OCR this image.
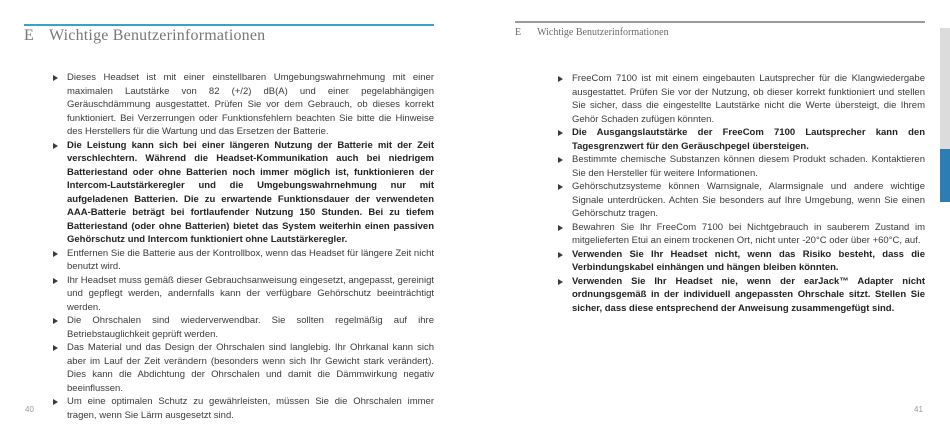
E Wichtige Benutzerinformationen
Dieses Headset ist mit einer einstellbaren Umgebungswahrnehmung mit einer maximalen Lautstärke von 82 (+/2) dB(A) und einer pegelabhängigen Geräuschdämmung ausgestattet. Prüfen Sie vor dem Gebrauch, ob dieses korrekt funktioniert. Bei Verzerrungen oder Funktionsfehlern beachten Sie bitte die Hinweise des Herstellers für die Wartung und das Ersetzen der Batterie.
Die Leistung kann sich bei einer längeren Nutzung der Batterie mit der Zeit verschlechtern. Während die Headset-Kommunikation auch bei niedrigem Batteriestand oder ohne Batterien noch immer möglich ist, funktionieren der Intercom-Lautstärkeregler und die Umgebungswahrnehmung nur mit aufgeladenen Batterien. Die zu erwartende Funktionsdauer der verwendeten AAA-Batterie beträgt bei fortlaufender Nutzung 150 Stunden. Bei zu tiefem Batteriestand (oder ohne Batterien) bietet das System weiterhin einen passiven Gehörschutz und Intercom funktioniert ohne Lautstärkeregler.
Entfernen Sie die Batterie aus der Kontrollbox, wenn das Headset für längere Zeit nicht benutzt wird.
Ihr Headset muss gemäß dieser Gebrauchsanweisung eingesetzt, angepasst, gereinigt und gepflegt werden, andernfalls kann der verfügbare Gehörschutz beeinträchtigt werden.
Die Ohrschalen sind wiederverwendbar. Sie sollten regelmäßig auf ihre Betriebstauglichkeit geprüft werden.
Das Material und das Design der Ohrschalen sind langlebig. Ihr Ohrkanal kann sich aber im Lauf der Zeit verändern (besonders wenn sich Ihr Gewicht stark verändert). Dies kann die Abdichtung der Ohrschalen und damit die Dämmwirkung negativ beeinflussen.
Um eine optimalen Schutz zu gewährleisten, müssen Sie die Ohrschalen immer tragen, wenn Sie Lärm ausgesetzt sind.
40
E Wichtige Benutzerinformationen
FreeCom 7100 ist mit einem eingebauten Lautsprecher für die Klangwiedergabe ausgestattet. Prüfen Sie vor der Nutzung, ob dieser korrekt funktioniert und stellen Sie sicher, dass die eingestellte Lautstärke nicht die Werte übersteigt, die Ihrem Gehör Schaden zufügen könnten.
Die Ausgangslautstärke der FreeCom 7100 Lautsprecher kann den Tagesgrenzwert für den Geräuschpegel übersteigen.
Bestimmte chemische Substanzen können diesem Produkt schaden. Kontaktieren Sie den Hersteller für weitere Informationen.
Gehörschutzsysteme können Warnsignale, Alarmsignale und andere wichtige Signale unterdrücken. Achten Sie besonders auf Ihre Umgebung, wenn Sie einen Gehörschutz tragen.
Bewahren Sie Ihr FreeCom 7100 bei Nichtgebrauch in sauberem Zustand im mitgelieferten Etui an einem trockenen Ort, nicht unter -20°C oder über +60°C, auf.
Verwenden Sie Ihr Headset nicht, wenn das Risiko besteht, dass die Verbindungskabel einhängen und hängen bleiben könnten.
Verwenden Sie Ihr Headset nie, wenn der earJack™ Adapter nicht ordnungsgemäß in der individuell angepassten Ohrschale sitzt. Stellen Sie sicher, dass diese entsprechend der Anweisung zusammengefügt sind.
41
